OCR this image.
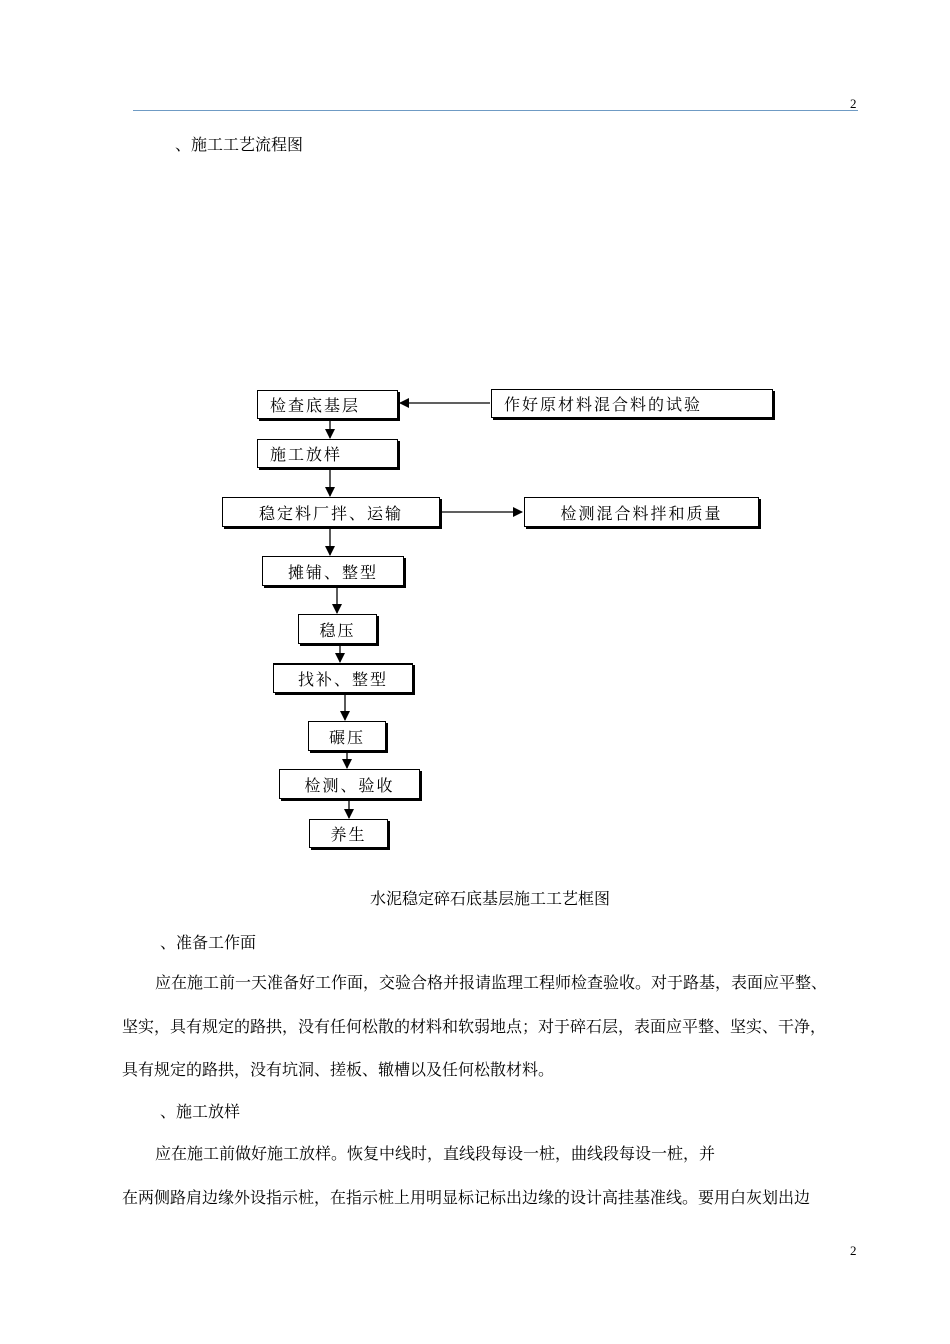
2
、施工工艺流程图
检查底基层	作好原材料混合料的试验
施工放样
稳定料厂拌、运输	检测混合料拌和质量
摊铺、整型
稳压
找补、整型
碾压
检测、验收
养生
水泥稳定碎石底基层施工工艺框图
、准备工作面
应在施工前一天准备好工作面，交验合格并报请监理工程师检查验收。对于路基，表面应平整、
坚实，具有规定的路拱，没有任何松散的材料和软弱地点；对于碎石层，表面应平整、坚实、干净，
具有规定的路拱，没有坑洞、搓板、辙槽以及任何松散材料。
、施工放样
应在施工前做好施工放样。恢复中线时，直线段每设一桩，曲线段每设一桩，并
在两侧路肩边缘外设指示桩，在指示桩上用明显标记标出边缘的设计高挂基准线。要用白灰划出边
2
